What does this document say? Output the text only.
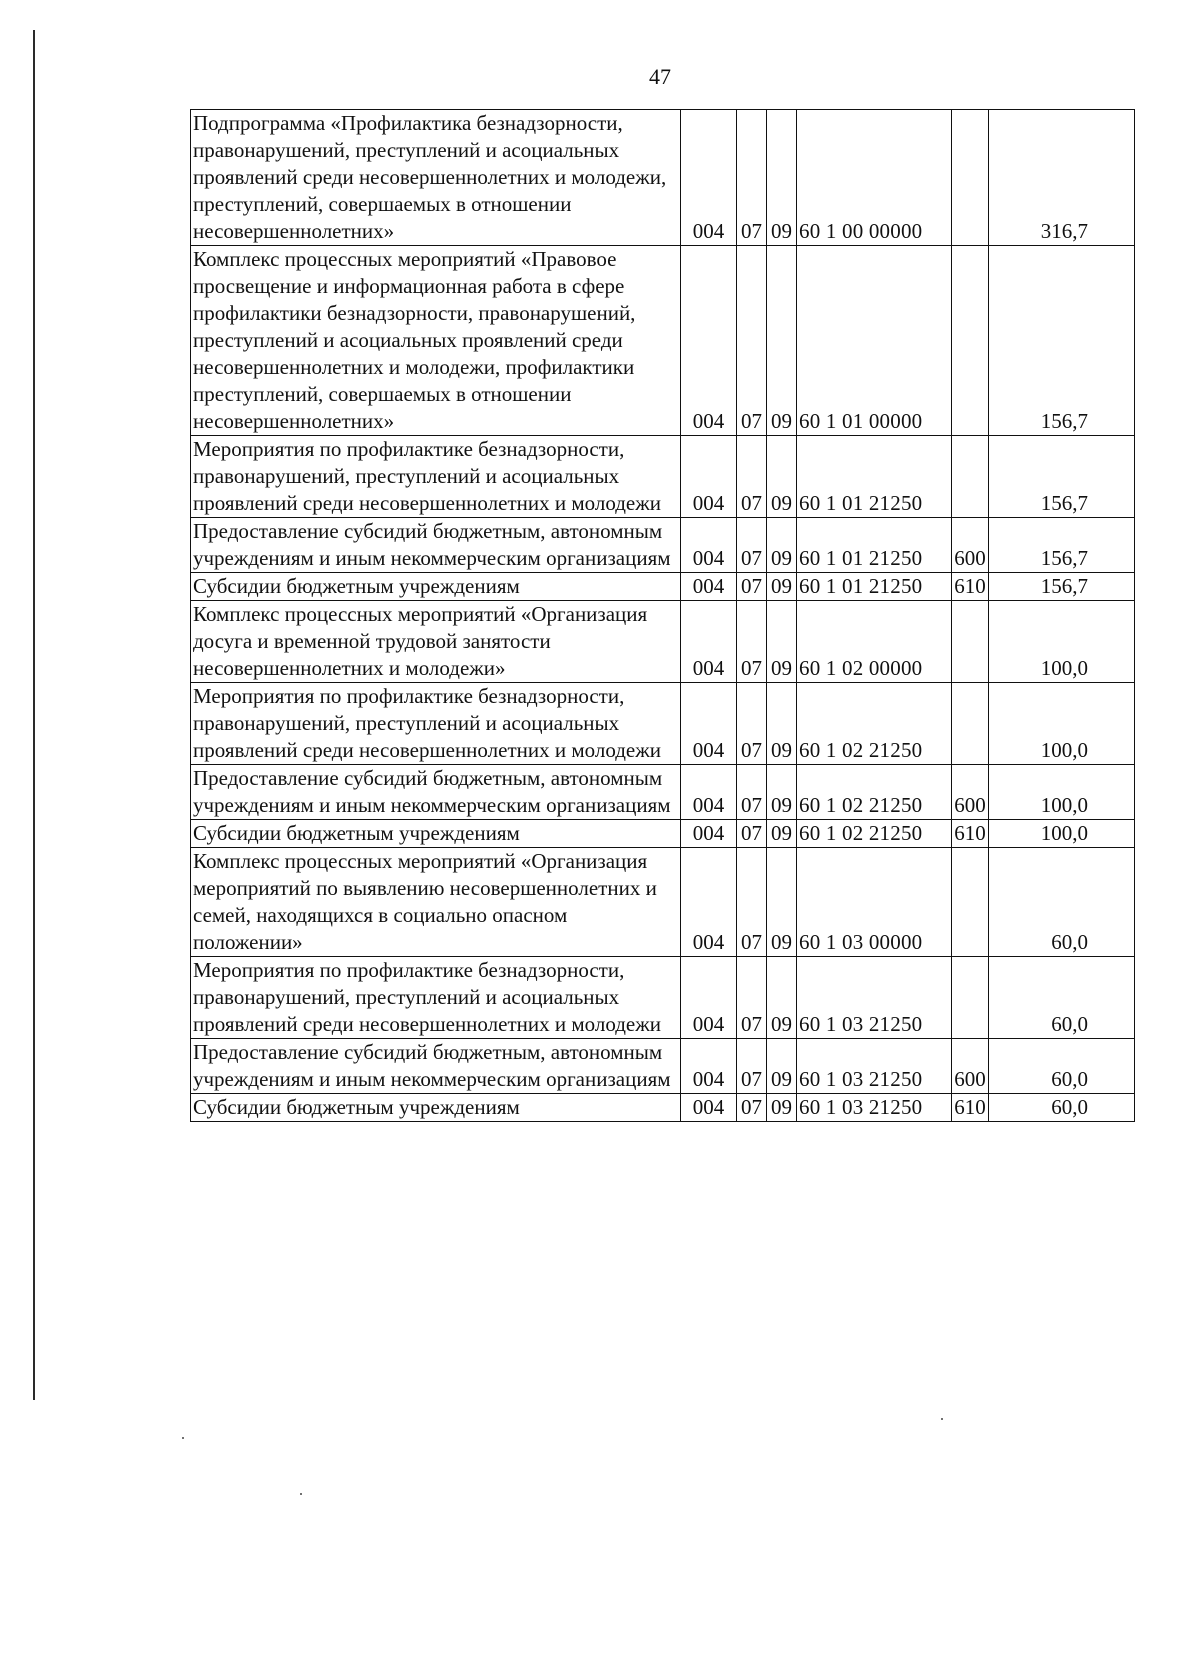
47
Подпрограмма «Профилактика безнадзорности, правонарушений, преступлений и асоциальных проявлений среди несовершеннолетних и молодежи, преступлений, совершаемых в отношении несовершеннолетних»	004	07	09	60 1 00 00000		316,7
Комплекс процессных мероприятий «Правовое просвещение и информационная работа в сфере профилактики безнадзорности, правонарушений, преступлений и асоциальных проявлений среди несовершеннолетних и молодежи, профилактики преступлений, совершаемых в отношении несовершеннолетних»	004	07	09	60 1 01 00000		156,7
Мероприятия по профилактике безнадзорности, правонарушений, преступлений и асоциальных проявлений среди несовершеннолетних и молодежи	004	07	09	60 1 01 21250		156,7
Предоставление субсидий бюджетным, автономным учреждениям и иным некоммерческим организациям	004	07	09	60 1 01 21250	600	156,7
Субсидии бюджетным учреждениям	004	07	09	60 1 01 21250	610	156,7
Комплекс процессных мероприятий «Организация досуга и временной трудовой занятости несовершеннолетних и молодежи»	004	07	09	60 1 02 00000		100,0
Мероприятия по профилактике безнадзорности, правонарушений, преступлений и асоциальных проявлений среди несовершеннолетних и молодежи	004	07	09	60 1 02 21250		100,0
Предоставление субсидий бюджетным, автономным учреждениям и иным некоммерческим организациям	004	07	09	60 1 02 21250	600	100,0
Субсидии бюджетным учреждениям	004	07	09	60 1 02 21250	610	100,0
Комплекс процессных мероприятий «Организация мероприятий по выявлению несовершеннолетних и семей, находящихся в социально опасном положении»	004	07	09	60 1 03 00000		60,0
Мероприятия по профилактике безнадзорности, правонарушений, преступлений и асоциальных проявлений среди несовершеннолетних и молодежи	004	07	09	60 1 03 21250		60,0
Предоставление субсидий бюджетным, автономным учреждениям и иным некоммерческим организациям	004	07	09	60 1 03 21250	600	60,0
Субсидии бюджетным учреждениям	004	07	09	60 1 03 21250	610	60,0
